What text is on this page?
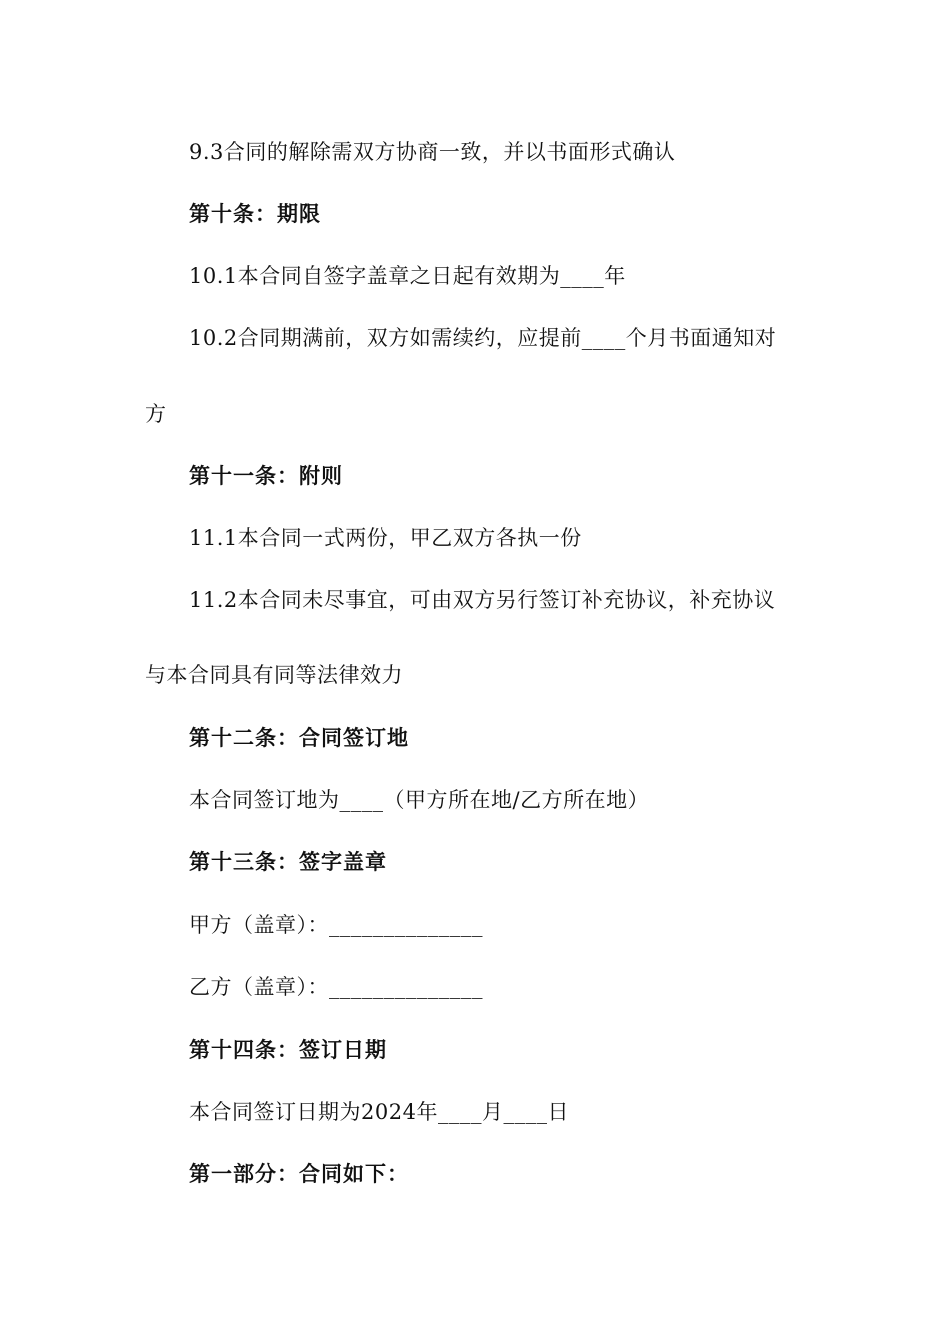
9.3合同的解除需双方协商一致，并以书面形式确认

第十条：期限

10.1本合同自签字盖章之日起有效期为____年

10.2合同期满前，双方如需续约，应提前____个月书面通知对

方

第十一条：附则

11.1本合同一式两份，甲乙双方各执一份

11.2本合同未尽事宜，可由双方另行签订补充协议，补充协议

与本合同具有同等法律效力

第十二条：合同签订地

本合同签订地为____（甲方所在地/乙方所在地）

第十三条：签字盖章

甲方（盖章）：______________

乙方（盖章）：______________

第十四条：签订日期

本合同签订日期为2024年____月____日

第一部分：合同如下：
